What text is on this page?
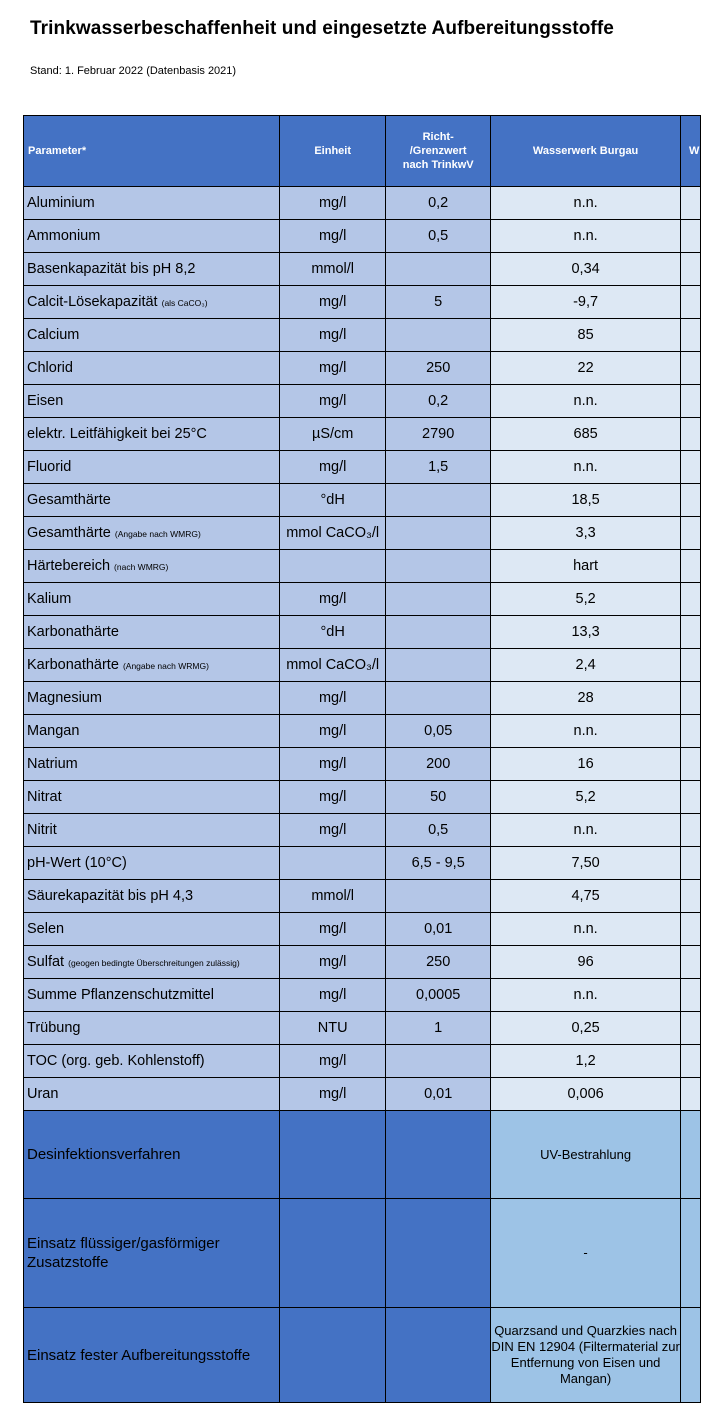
Trinkwasserbeschaffenheit und eingesetzte Aufbereitungsstoffe
Stand: 1. Februar 2022 (Datenbasis 2021)
Parameter*	Einheit	Richt-
/Grenzwert
nach TrinkwV	Wasserwerk Burgau	W
Aluminium	mg/l	0,2	n.n.	
Ammonium	mg/l	0,5	n.n.	
Basenkapazität bis pH 8,2	mmol/l		0,34	
Calcit-Lösekapazität (als CaCO₃)	mg/l	5	-9,7	
Calcium	mg/l		85	
Chlorid	mg/l	250	22	
Eisen	mg/l	0,2	n.n.	
elektr. Leitfähigkeit bei 25°C	µS/cm	2790	685	
Fluorid	mg/l	1,5	n.n.	
Gesamthärte	°dH		18,5	
Gesamthärte (Angabe nach WMRG)	mmol CaCO₃/l		3,3	
Härtebereich (nach WMRG)			hart	
Kalium	mg/l		5,2	
Karbonathärte	°dH		13,3	
Karbonathärte (Angabe nach WRMG)	mmol CaCO₃/l		2,4	
Magnesium	mg/l		28	
Mangan	mg/l	0,05	n.n.	
Natrium	mg/l	200	16	
Nitrat	mg/l	50	5,2	
Nitrit	mg/l	0,5	n.n.	
pH-Wert (10°C)		6,5 - 9,5	7,50	
Säurekapazität bis pH 4,3	mmol/l		4,75	
Selen	mg/l	0,01	n.n.	
Sulfat (geogen bedingte Überschreitungen zulässig)	mg/l	250	96	
Summe Pflanzenschutzmittel	mg/l	0,0005	n.n.	
Trübung	NTU	1	0,25	
TOC (org. geb. Kohlenstoff)	mg/l		1,2	
Uran	mg/l	0,01	0,006	
Desinfektionsverfahren			UV-Bestrahlung	
Einsatz flüssiger/gasförmiger Zusatzstoffe			-	
Einsatz fester Aufbereitungsstoffe			Quarzsand und Quarzkies nach DIN EN 12904 (Filtermaterial zur Entfernung von Eisen und Mangan)	
